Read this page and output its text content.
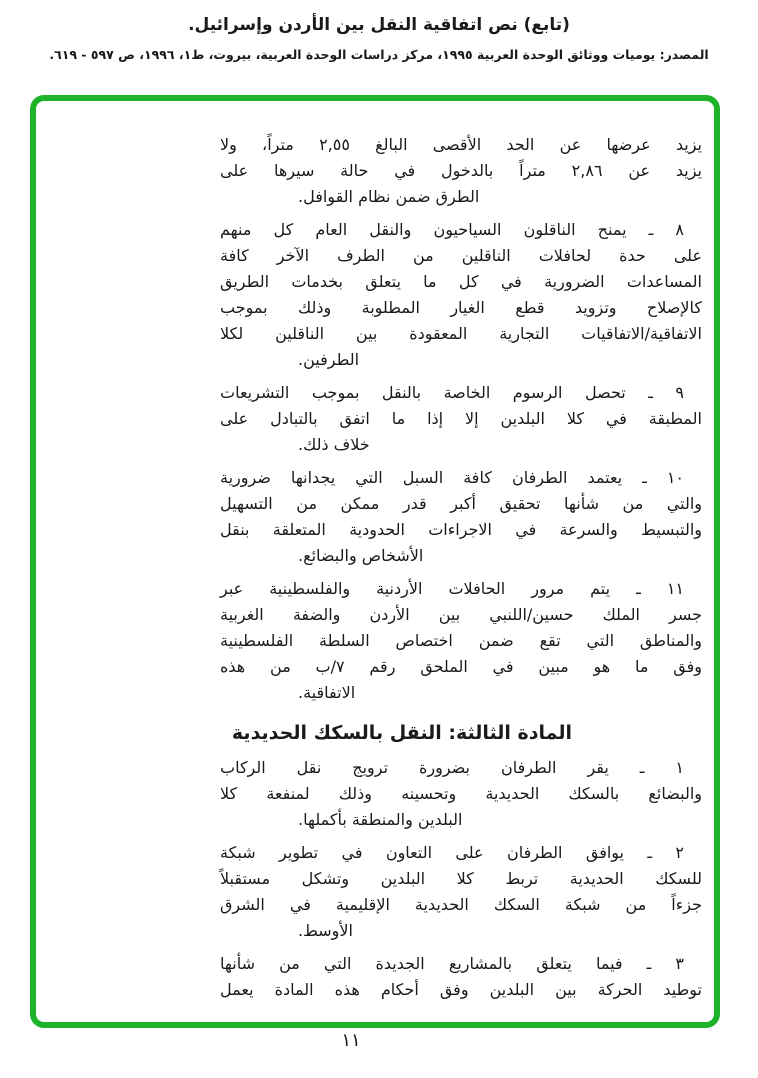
(تابع) نص اتفاقية النقل بين الأردن وإسرائيل.
المصدر: يوميات ووثائق الوحدة العربية ١٩٩٥، مركز دراسات الوحدة العربية، بيروت، ط١، ١٩٩٦، ص ٥٩٧ - ٦١٩.
يزيد عرضها عن الحد الأقصى البالغ ٢,٥٥ متراً، ولا
يزيد عن ٢,٨٦ متراً بالدخول في حالة سيرها على
الطرق ضمن نظام القوافل.
٨ ـ يمنح الناقلون السياحيون والنقل العام كل منهم
على حدة لحافلات الناقلين من الطرف الآخر كافة
المساعدات الضرورية في كل ما يتعلق بخدمات الطريق
كالإصلاح وتزويد قطع الغيار المطلوبة وذلك بموجب
الاتفاقية/الاتفاقيات التجارية المعقودة بين الناقلين لكلا
الطرفين.
٩ ـ تحصل الرسوم الخاصة بالنقل بموجب التشريعات
المطبقة في كلا البلدين إلا إذا ما اتفق بالتبادل على
خلاف ذلك.
١٠ ـ يعتمد الطرفان كافة السبل التي يجدانها ضرورية
والتي من شأنها تحقيق أكبر قدر ممكن من التسهيل
والتبسيط والسرعة في الاجراءات الحدودية المتعلقة بنقل
الأشخاص والبضائع.
١١ ـ يتم مرور الحافلات الأردنية والفلسطينية عبر
جسر الملك حسين/اللنبي بين الأردن والضفة الغربية
والمناطق التي تقع ضمن اختصاص السلطة الفلسطينية
وفق ما هو مبين في الملحق رقم ٧/ب من هذه
الاتفاقية.
المادة الثالثة: النقل بالسكك الحديدية
١ ـ يقر الطرفان بضرورة ترويج نقل الركاب
والبضائع بالسكك الحديدية وتحسينه وذلك لمنفعة كلا
البلدين والمنطقة بأكملها.
٢ ـ يوافق الطرفان على التعاون في تطوير شبكة
للسكك الحديدية تربط كلا البلدين وتشكل مستقبلاً
جزءاً من شبكة السكك الحديدية الإقليمية في الشرق
الأوسط.
٣ ـ فيما يتعلق بالمشاريع الجديدة التي من شأنها
توطيد الحركة بين البلدين وفق أحكام هذه المادة يعمل
١١
